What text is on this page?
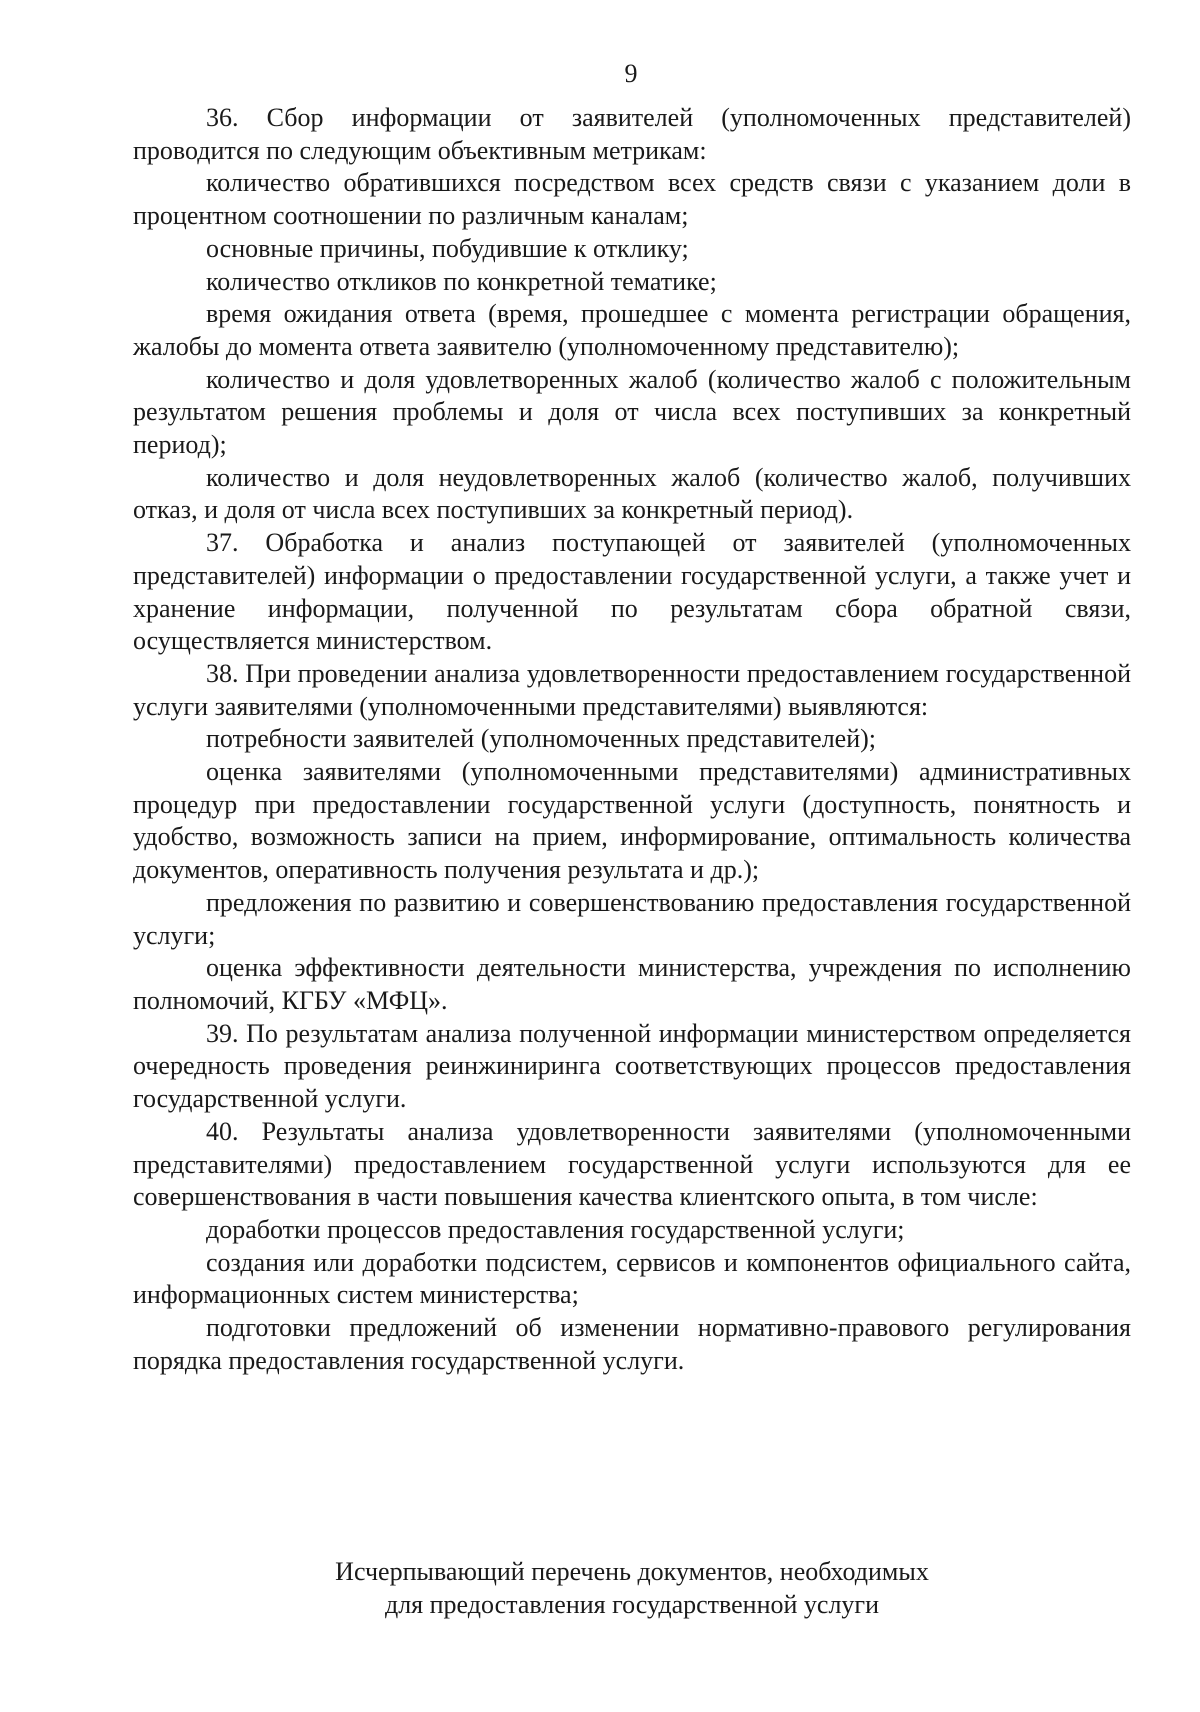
9

36. Сбор информации от заявителей (уполномоченных представителей) проводится по следующим объективным метрикам:

количество обратившихся посредством всех средств связи с указанием доли в процентном соотношении по различным каналам;

основные причины, побудившие к отклику;

количество откликов по конкретной тематике;

время ожидания ответа (время, прошедшее с момента регистрации обращения, жалобы до момента ответа заявителю (уполномоченному представителю);

количество и доля удовлетворенных жалоб (количество жалоб с положительным результатом решения проблемы и доля от числа всех поступивших за конкретный период);

количество и доля неудовлетворенных жалоб (количество жалоб, получивших отказ, и доля от числа всех поступивших за конкретный период).

37. Обработка и анализ поступающей от заявителей (уполномоченных представителей) информации о предоставлении государственной услуги, а также учет и хранение информации, полученной по результатам сбора обратной связи, осуществляется министерством.

38. При проведении анализа удовлетворенности предоставлением государственной услуги заявителями (уполномоченными представителями) выявляются:

потребности заявителей (уполномоченных представителей);

оценка заявителями (уполномоченными представителями) административных процедур при предоставлении государственной услуги (доступность, понятность и удобство, возможность записи на прием, информирование, оптимальность количества документов, оперативность получения результата и др.);

предложения по развитию и совершенствованию предоставления государственной услуги;

оценка эффективности деятельности министерства, учреждения по исполнению полномочий, КГБУ «МФЦ».

39. По результатам анализа полученной информации министерством определяется очередность проведения реинжиниринга соответствующих процессов предоставления государственной услуги.

40. Результаты анализа удовлетворенности заявителями (уполномоченными представителями) предоставлением государственной услуги используются для ее совершенствования в части повышения качества клиентского опыта, в том числе:

доработки процессов предоставления государственной услуги;

создания или доработки подсистем, сервисов и компонентов официального сайта, информационных систем министерства;

подготовки предложений об изменении нормативно-правового регулирования порядка предоставления государственной услуги.

Исчерпывающий перечень документов, необходимых
для предоставления государственной услуги
